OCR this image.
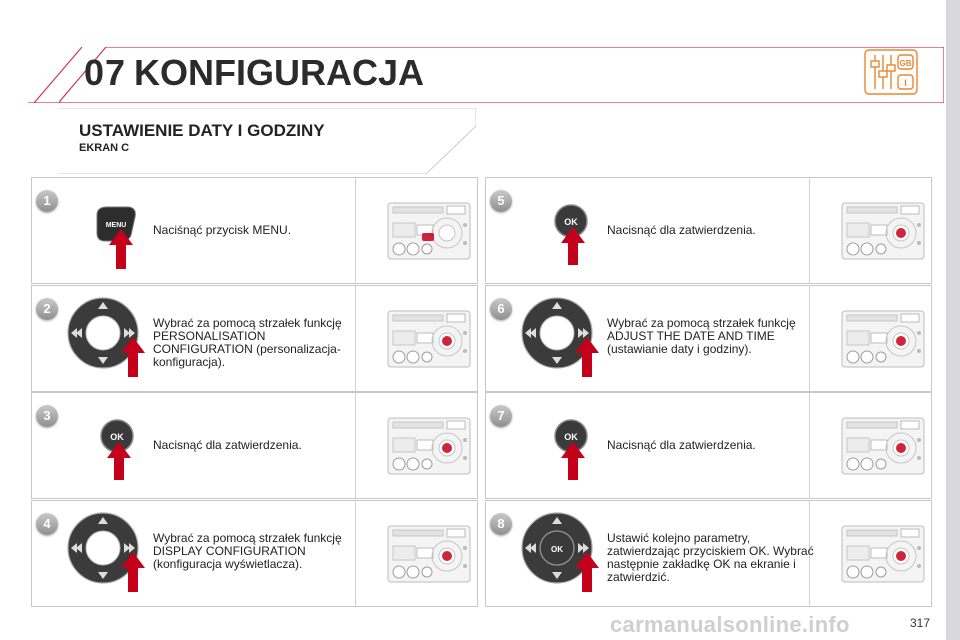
07 KONFIGURACJA	GB
I
USTAWIENIE DATY I GODZINY
EKRAN C
1
MENU Naciśnąć przycisk MENU.
2
Wybrać za pomocą strzałek funkcję PERSONALISATION CONFIGURATION (personalizacja-konfiguracja).
3
OK
Nacisnąć dla zatwierdzenia.
4
Wybrać za pomocą strzałek funkcję DISPLAY CONFIGURATION (konfiguracja wyświetlacza).
5
OK
Nacisnąć dla zatwierdzenia.
6
Wybrać za pomocą strzałek funkcję ADJUST THE DATE AND TIME (ustawianie daty i godziny).
7
OK
Nacisnąć dla zatwierdzenia.
8
OK
Ustawić kolejno parametry, zatwierdzając przyciskiem OK. Wybrać następnie zakładkę OK na ekranie i zatwierdzić.
carmanualsonline.info	317
